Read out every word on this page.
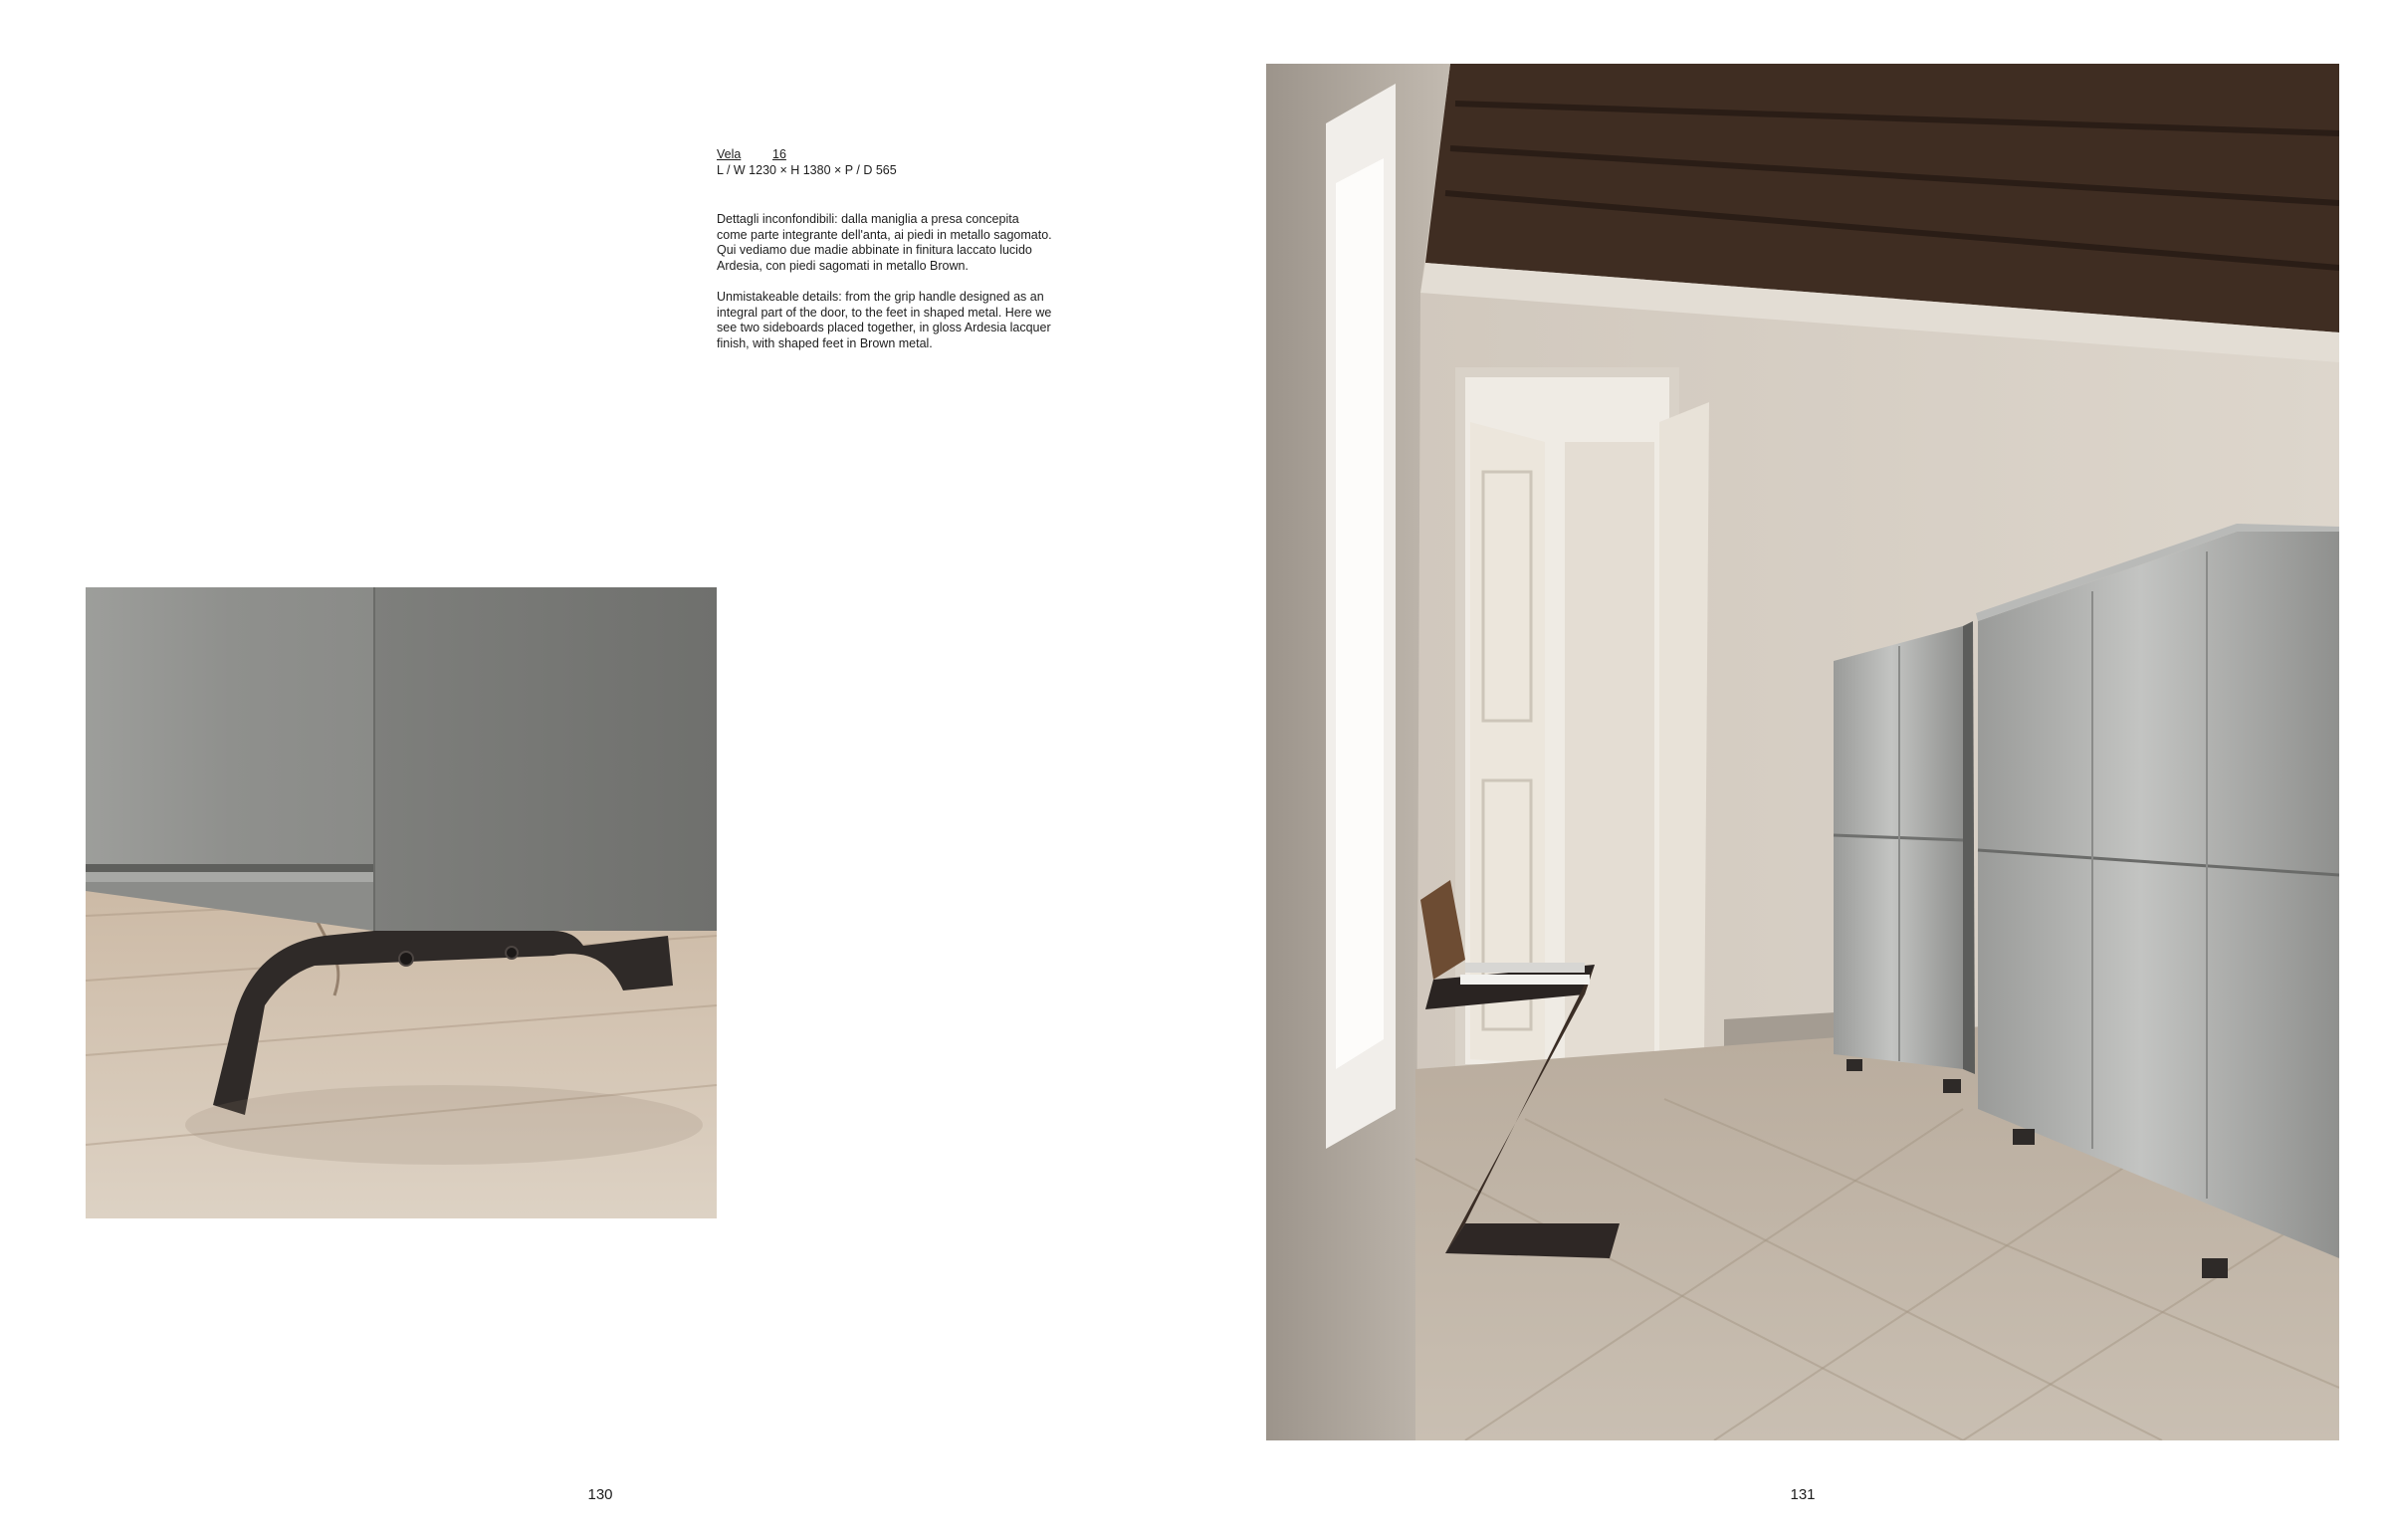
Vela	16
L / W 1230 × H 1380 × P / D 565

Dettagli inconfondibili: dalla maniglia a presa concepita

come parte integrante dell'anta, ai piedi in metallo sagomato.

Qui vediamo due madie abbinate in finitura laccato lucido

Ardesia, con piedi sagomati in metallo Brown.

Unmistakeable details: from the grip handle designed as an

integral part of the door, to the feet in shaped metal. Here we

see two sideboards placed together, in gloss Ardesia lacquer

finish, with shaped feet in Brown metal.

130	131
